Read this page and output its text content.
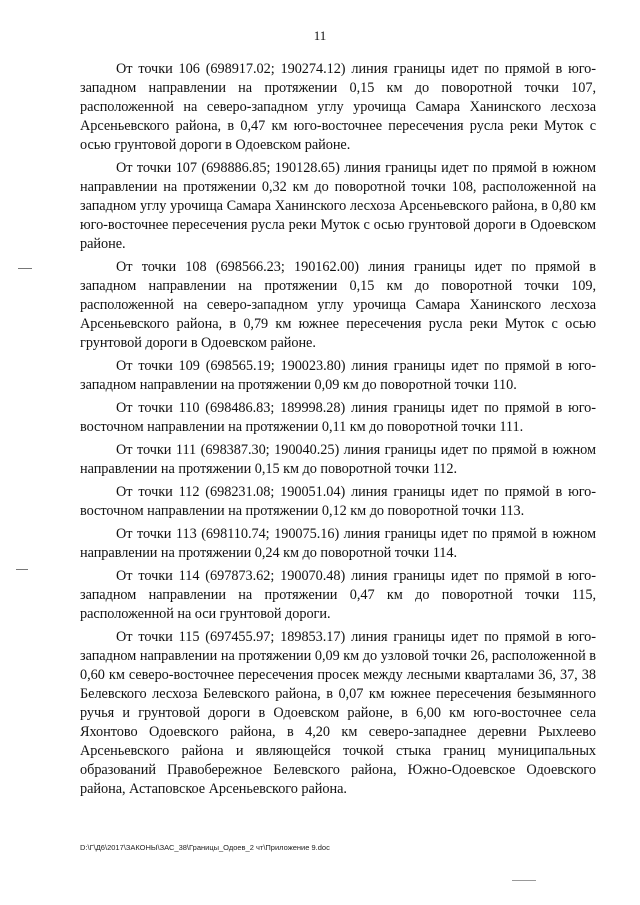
11

От точки 106 (698917.02; 190274.12) линия границы идет по прямой в юго-западном направлении на протяжении 0,15 км до поворотной точки 107, расположенной на северо-западном углу урочища Самара Ханинского лесхоза Арсеньевского района, в 0,47 км юго-восточнее пересечения русла реки Муток с осью грунтовой дороги в Одоевском районе.

От точки 107 (698886.85; 190128.65) линия границы идет по прямой в южном направлении на протяжении 0,32 км до поворотной точки 108, расположенной на западном углу урочища Самара Ханинского лесхоза Арсеньевского района, в 0,80 км юго-восточнее пересечения русла реки Муток с осью грунтовой дороги в Одоевском районе.

От точки 108 (698566.23; 190162.00) линия границы идет по прямой в западном направлении на протяжении 0,15 км до поворотной точки 109, расположенной на северо-западном углу урочища Самара Ханинского лесхоза Арсеньевского района, в 0,79 км южнее пересечения русла реки Муток с осью грунтовой дороги в Одоевском районе.

От точки 109 (698565.19; 190023.80) линия границы идет по прямой в юго-западном направлении на протяжении 0,09 км до поворотной точки 110.

От точки 110 (698486.83; 189998.28) линия границы идет по прямой в юго-восточном направлении на протяжении 0,11 км до поворотной точки 111.

От точки 111 (698387.30; 190040.25) линия границы идет по прямой в южном направлении на протяжении 0,15 км до поворотной точки 112.

От точки 112 (698231.08; 190051.04) линия границы идет по прямой в юго-восточном направлении на протяжении 0,12 км до поворотной точки 113.

От точки 113 (698110.74; 190075.16) линия границы идет по прямой в южном направлении на протяжении 0,24 км до поворотной точки 114.

От точки 114 (697873.62; 190070.48) линия границы идет по прямой в юго-западном направлении на протяжении 0,47 км до поворотной точки 115, расположенной на оси грунтовой дороги.

От точки 115 (697455.97; 189853.17) линия границы идет по прямой в юго-западном направлении на протяжении 0,09 км до узловой точки 26, расположенной в 0,60 км северо-восточнее пересечения просек между лесными кварталами 36, 37, 38 Белевского лесхоза Белевского района, в 0,07 км южнее пересечения безымянного ручья и грунтовой дороги в Одоевском районе, в 6,00 км юго-восточнее села Яхонтово Одоевского района, в 4,20 км северо-западнее деревни Рыхлеево Арсеньевского района и являющейся точкой стыка границ муниципальных образований Правобережное Белевского района, Южно-Одоевское Одоевского района, Астаповское Арсеньевского района.

D:\Г\Д6\2017\ЗАКОНЫ\ЗАС_38\Границы_Одоев_2 чт\Приложение 9.doc
